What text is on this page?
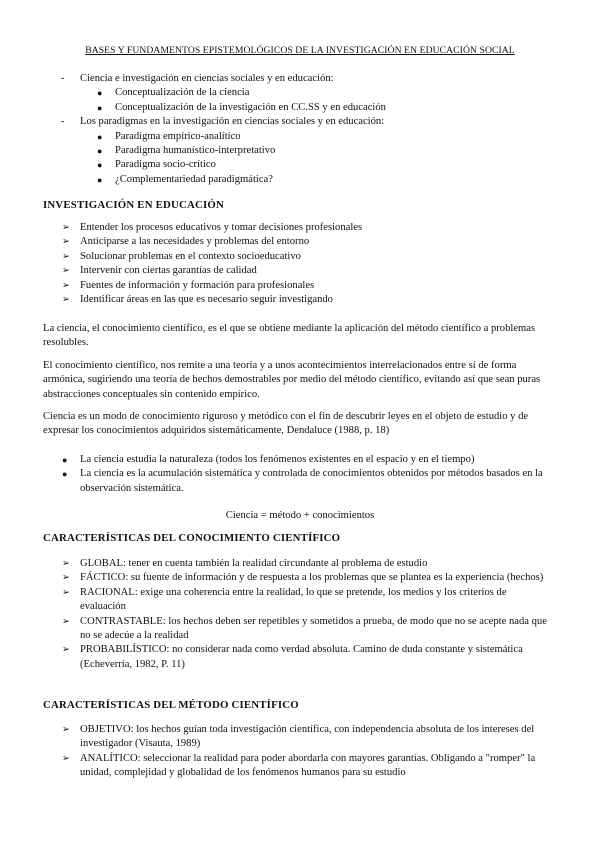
BASES Y FUNDAMENTOS EPISTEMOLÓGICOS DE LA INVESTIGACIÓN EN EDUCACIÓN SOCIAL
- Ciencia e investigación en ciencias sociales y en educación:
● Conceptualización de la ciencia
● Conceptualización de la investigación en CC.SS y en educación
- Los paradigmas en la investigación en ciencias sociales y en educación:
● Paradigma empírico-analítico
● Paradigma humanístico-interpretativo
● Paradigma socio-crítico
● ¿Complementariedad paradigmática?
INVESTIGACIÓN EN EDUCACIÓN
➢ Entender los procesos educativos y tomar decisiones profesionales
➢ Anticiparse a las necesidades y problemas del entorno
➢ Solucionar problemas en el contexto socioeducativo
➢ Intervenir con ciertas garantías de calidad
➢ Fuentes de información y formación para profesionales
➢ Identificar áreas en las que es necesario seguir investigando
La ciencia, el conocimiento científico, es el que se obtiene mediante la aplicación del método científico a problemas resolubles.
El conocimiento científico, nos remite a una teoría y a unos acontecimientos interrelacionados entre sí de forma armónica, sugiriendo una teoría de hechos demostrables por medio del método científico, evitando así que sean puras abstracciones conceptuales sin contenido empírico.
Ciencia es un modo de conocimiento riguroso y metódico con el fin de descubrir leyes en el objeto de estudio y de expresar los conocimientos adquiridos sistemáticamente, Dendaluce (1988, p. 18)
● La ciencia estudia la naturaleza (todos los fenómenos existentes en el espacio y en el tiempo)
● La ciencia es la acumulación sistemática y controlada de conocimientos obtenidos por métodos basados en la observación sistemática.
Ciencia = método + conocimientos
CARACTERÍSTICAS DEL CONOCIMIENTO CIENTÍFICO
➢ GLOBAL: tener en cuenta también la realidad circundante al problema de estudio
➢ FÁCTICO: su fuente de información y de respuesta a los problemas que se plantea es la experiencia (hechos)
➢ RACIONAL: exige una coherencia entre la realidad, lo que se pretende, los medios y los criterios de evaluación
➢ CONTRASTABLE: los hechos deben ser repetibles y sometidos a prueba, de modo que no se acepte nada que no se adecúe a la realidad
➢ PROBABILÍSTICO: no considerar nada como verdad absoluta. Camino de duda constante y sistemática (Echeverría, 1982, P. 11)
CARACTERÍSTICAS DEL MÉTODO CIENTÍFICO
➢ OBJETIVO: los hechos guían toda investigación científica, con independencia absoluta de los intereses del investigador (Visauta, 1989)
➢ ANALÍTICO: seleccionar la realidad para poder abordarla con mayores garantías. Obligando a "romper" la unidad, complejidad y globalidad de los fenómenos humanos para su estudio
